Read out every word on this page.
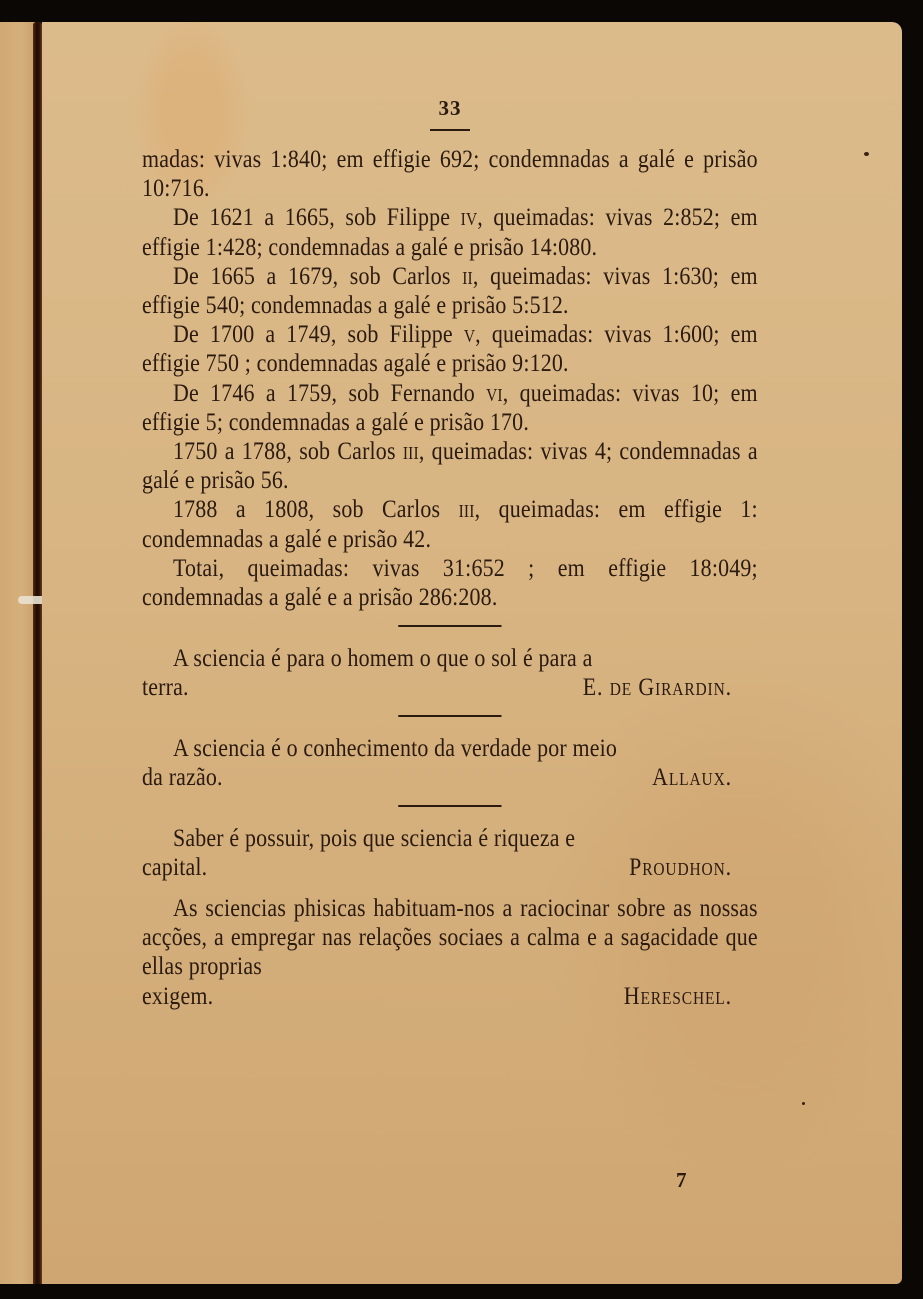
33

madas: vivas 1:840; em effigie 692; condemnadas a galé e prisão 10:716.

De 1621 a 1665, sob Filippe iv, queimadas: vivas 2:852; em effigie 1:428; condemnadas a galé e prisão 14:080.

De 1665 a 1679, sob Carlos ii, queimadas: vivas 1:630; em effigie 540; condemnadas a galé e prisão 5:512.

De 1700 a 1749, sob Filippe v, queimadas: vivas 1:600; em effigie 750 ; condemnadas agalé e prisão 9:120.

De 1746 a 1759, sob Fernando vi, queimadas: vivas 10; em effigie 5; condemnadas a galé e prisão 170.

1750 a 1788, sob Carlos iii, queimadas: vivas 4; condemnadas a galé e prisão 56.

1788 a 1808, sob Carlos iii, queimadas: em effigie 1: condemnadas a galé e prisão 42.

Totai, queimadas: vivas 31:652 ; em effigie 18:049; condemnadas a galé e a prisão 286:208.

A sciencia é para o homem o que o sol é para a

terra.	E. de Girardin.

A sciencia é o conhecimento da verdade por meio

da razão.	Allaux.

Saber é possuir, pois que sciencia é riqueza e

capital.	Proudhon.

As sciencias phisicas habituam-nos a raciocinar sobre as nossas acções, a empregar nas relações sociaes a calma e a sagacidade que ellas proprias

exigem.	Hereschel.
7
